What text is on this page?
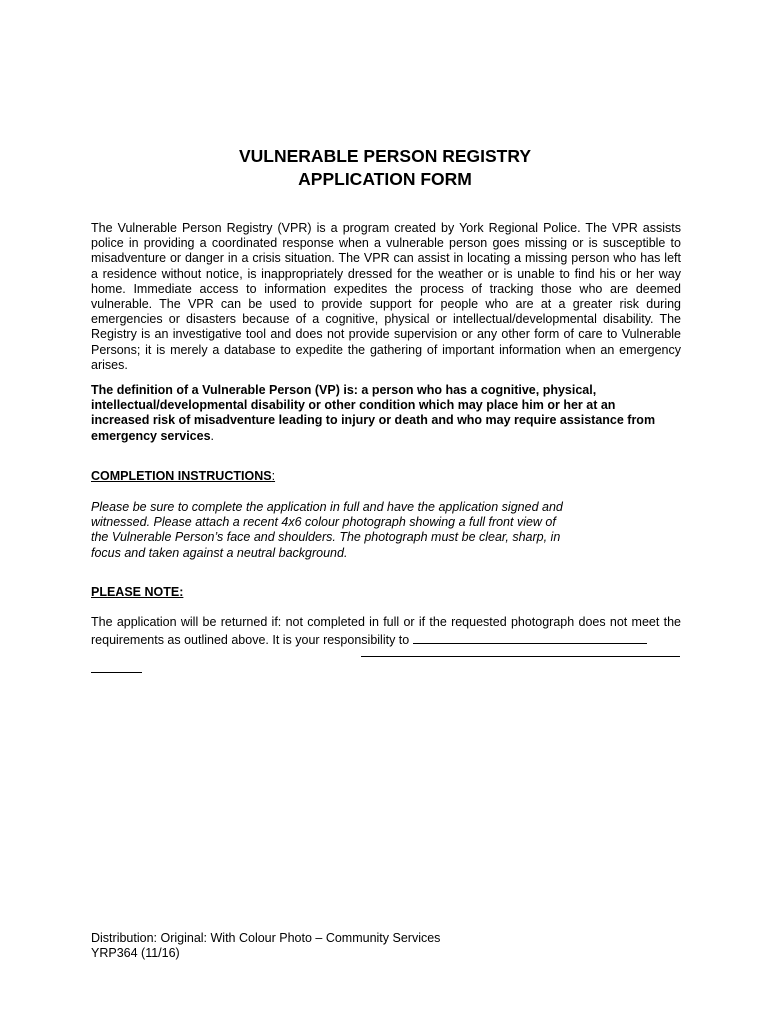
VULNERABLE PERSON REGISTRY
APPLICATION FORM
The Vulnerable Person Registry (VPR) is a program created by York Regional Police. The VPR assists police in providing a coordinated response when a vulnerable person goes missing or is susceptible to misadventure or danger in a crisis situation. The VPR can assist in locating a missing person who has left a residence without notice, is inappropriately dressed for the weather or is unable to find his or her way home. Immediate access to information expedites the process of tracking those who are deemed vulnerable. The VPR can be used to provide support for people who are at a greater risk during emergencies or disasters because of a cognitive, physical or intellectual/developmental disability. The Registry is an investigative tool and does not provide supervision or any other form of care to Vulnerable Persons; it is merely a database to expedite the gathering of important information when an emergency arises.
The definition of a Vulnerable Person (VP) is: a person who has a cognitive, physical, intellectual/developmental disability or other condition which may place him or her at an increased risk of misadventure leading to injury or death and who may require assistance from emergency services.
COMPLETION INSTRUCTIONS:
Please be sure to complete the application in full and have the application signed and witnessed. Please attach a recent 4x6 colour photograph showing a full front view of the Vulnerable Person’s face and shoulders. The photograph must be clear, sharp, in focus and taken against a neutral background.
PLEASE NOTE:
The application will be returned if: not completed in full or if the requested photograph does not meet the requirements as outlined above. It is your responsibility to
Distribution: Original: With Colour Photo – Community Services
YRP364 (11/16)
